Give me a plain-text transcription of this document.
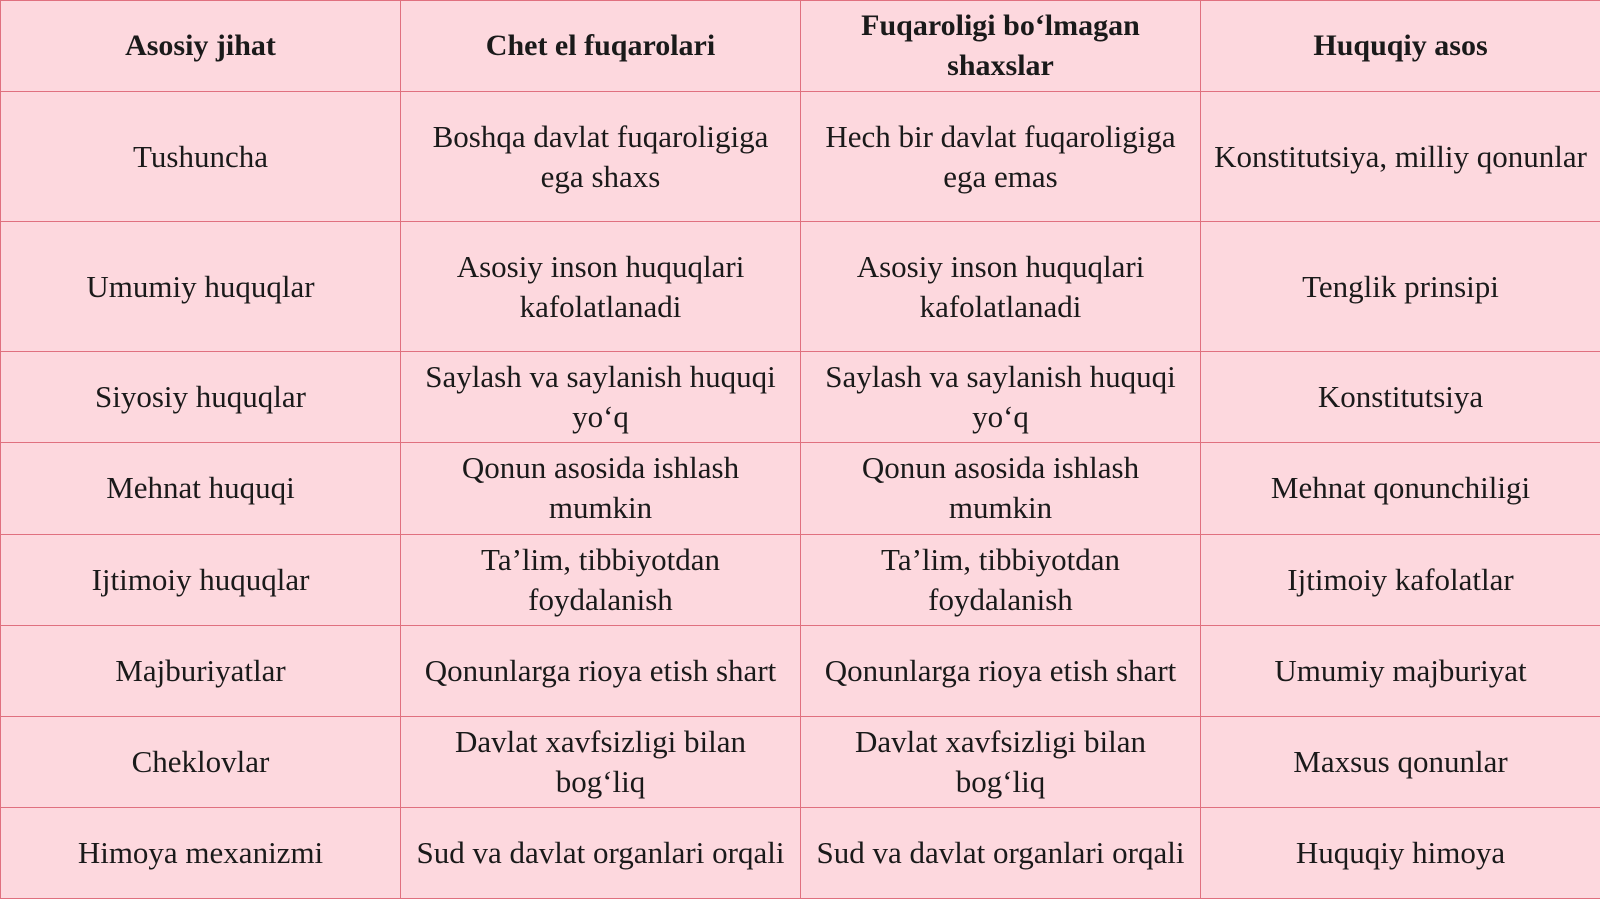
Asosiy jihat	Chet el fuqarolari	Fuqaroligi bo‘lmagan shaxslar	Huquqiy asos
Tushuncha	Boshqa davlat fuqaroligiga ega shaxs	Hech bir davlat fuqaroligiga ega emas	Konstitutsiya, milliy qonunlar
Umumiy huquqlar	Asosiy inson huquqlari kafolatlanadi	Asosiy inson huquqlari kafolatlanadi	Tenglik prinsipi
Siyosiy huquqlar	Saylash va saylanish huquqi yo‘q	Saylash va saylanish huquqi yo‘q	Konstitutsiya
Mehnat huquqi	Qonun asosida ishlash mumkin	Qonun asosida ishlash mumkin	Mehnat qonunchiligi
Ijtimoiy huquqlar	Ta’lim, tibbiyotdan foydalanish	Ta’lim, tibbiyotdan foydalanish	Ijtimoiy kafolatlar
Majburiyatlar	Qonunlarga rioya etish shart	Qonunlarga rioya etish shart	Umumiy majburiyat
Cheklovlar	Davlat xavfsizligi bilan bog‘liq	Davlat xavfsizligi bilan bog‘liq	Maxsus qonunlar
Himoya mexanizmi	Sud va davlat organlari orqali	Sud va davlat organlari orqali	Huquqiy himoya
